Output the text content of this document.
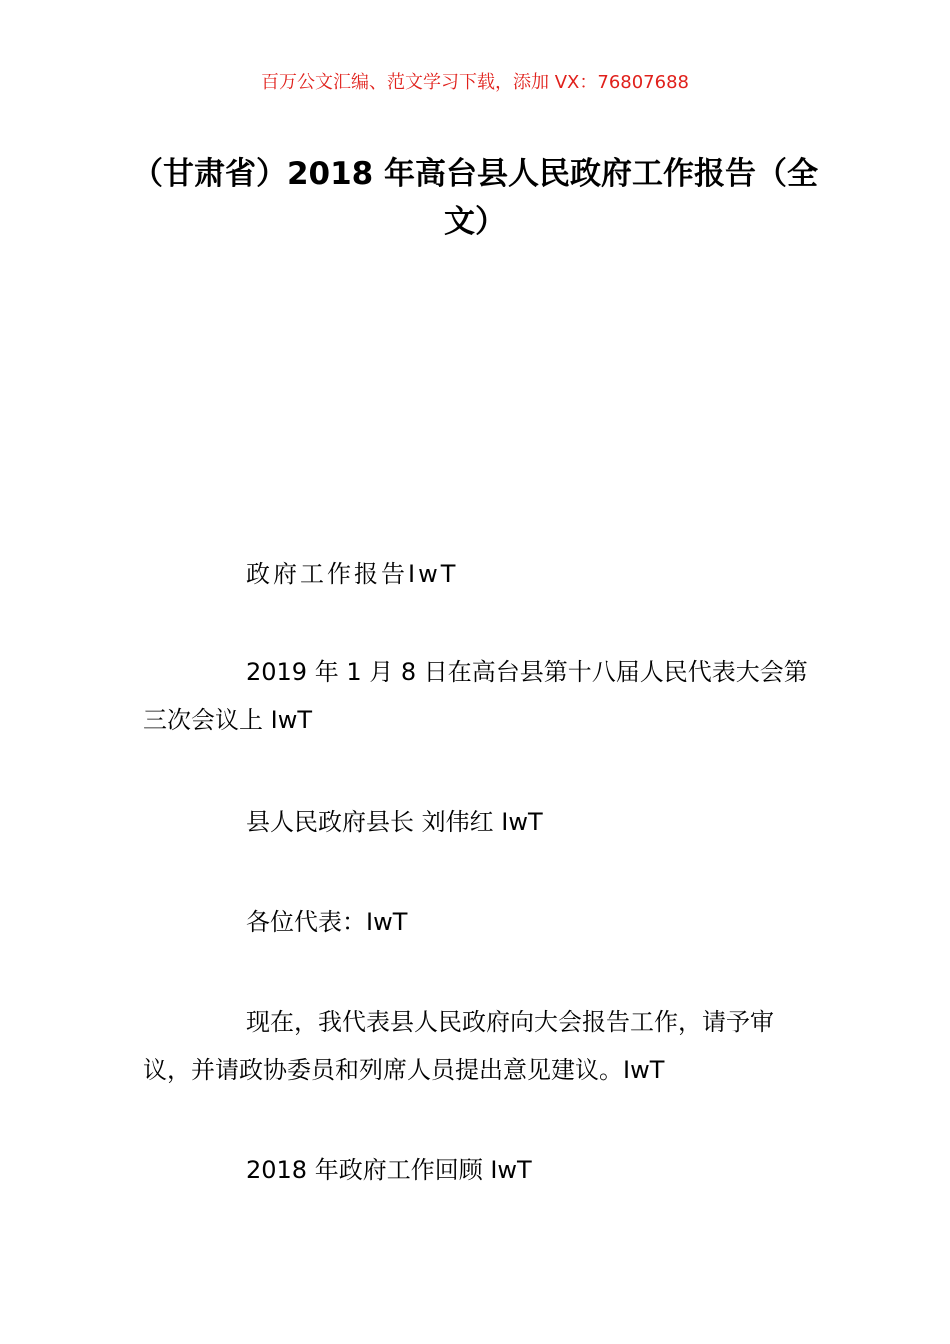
百万公文汇编、范文学习下载，添加 VX：76807688
（甘肃省）2018 年高台县人民政府工作报告（全文）

政府工作报告IwT

2019 年 1 月 8 日在高台县第十八届人民代表大会第三次会议上 IwT

县人民政府县长 刘伟红 IwT

各位代表：IwT

现在，我代表县人民政府向大会报告工作，请予审议，并请政协委员和列席人员提出意见建议。IwT

2018 年政府工作回顾 IwT
